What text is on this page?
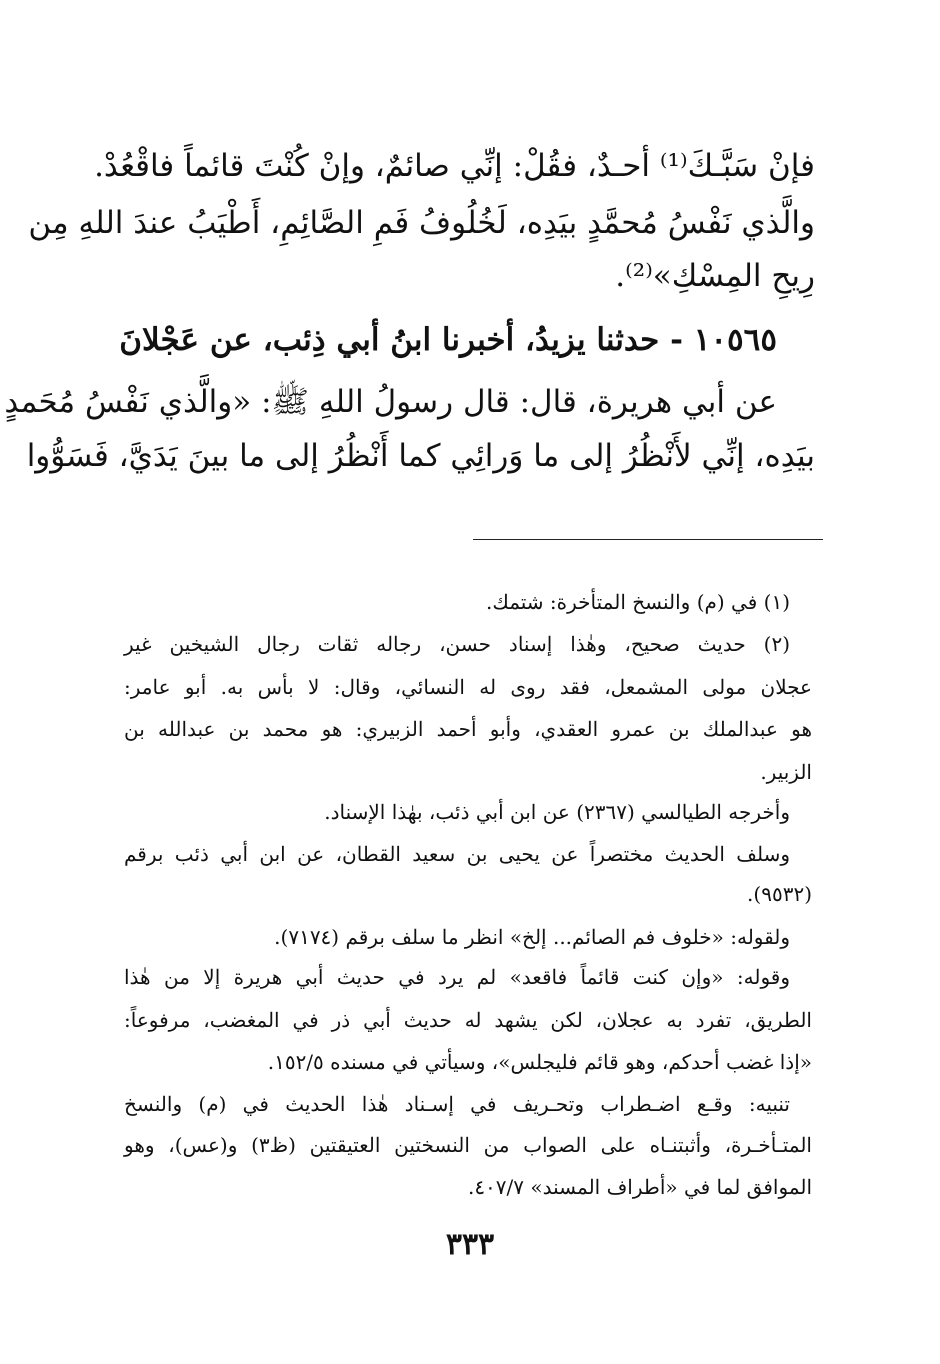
فإنْ سَبَّـكَ⁽¹⁾ أحـدٌ، فقُلْ: إنِّي صائمٌ، وإنْ كُنْتَ قائماً فاقْعُدْ.
والَّذي نَفْسُ مُحمَّدٍ بيَدِه، لَخُلُوفُ فَمِ الصَّائِمِ، أَطْيَبُ عندَ اللهِ مِن
رِيحِ المِسْكِ»⁽²⁾.
١٠٥٦٥ - حدثنا يزيدُ، أخبرنا ابنُ أبي ذِئب، عن عَجْلانَ
عن أبي هريرة، قال: قال رسولُ اللهِ ﷺ: «والَّذي نَفْسُ مُحَمدٍ
بيَدِه، إنِّي لأَنْظُرُ إلى ما وَرائِي كما أَنْظُرُ إلى ما بينَ يَدَيَّ، فَسَوُّوا
(١) في (م) والنسخ المتأخرة: شتمك.
(٢) حديث صحيح، وهٰذا إسناد حسن، رجاله ثقات رجال الشيخين غير
عجلان مولى المشمعل، فقد روى له النسائي، وقال: لا بأس به. أبو عامر:
هو عبدالملك بن عمرو العقدي، وأبو أحمد الزبيري: هو محمد بن عبدالله بن
الزبير.
وأخرجه الطيالسي (٢٣٦٧) عن ابن أبي ذئب، بهٰذا الإسناد.
وسلف الحديث مختصراً عن يحيى بن سعيد القطان، عن ابن أبي ذئب برقم
(٩٥٣٢).
ولقوله: «خلوف فم الصائم... إلخ» انظر ما سلف برقم (٧١٧٤).
وقوله: «وإن كنت قائماً فاقعد» لم يرد في حديث أبي هريرة إلا من هٰذا
الطريق، تفرد به عجلان، لكن يشهد له حديث أبي ذر في المغضب، مرفوعاً:
«إذا غضب أحدكم، وهو قائم فليجلس»، وسيأتي في مسنده ١٥٢/٥.
تنبيه: وقـع اضـطراب وتحـريف في إسـناد هٰذا الحديث في (م) والنسخ
المتـأخـرة، وأثبتنـاه على الصواب من النسختين العتيقتين (ظ٣) و(عس)، وهو
الموافق لما في «أطراف المسند» ٤٠٧/٧.
٣٣٣
